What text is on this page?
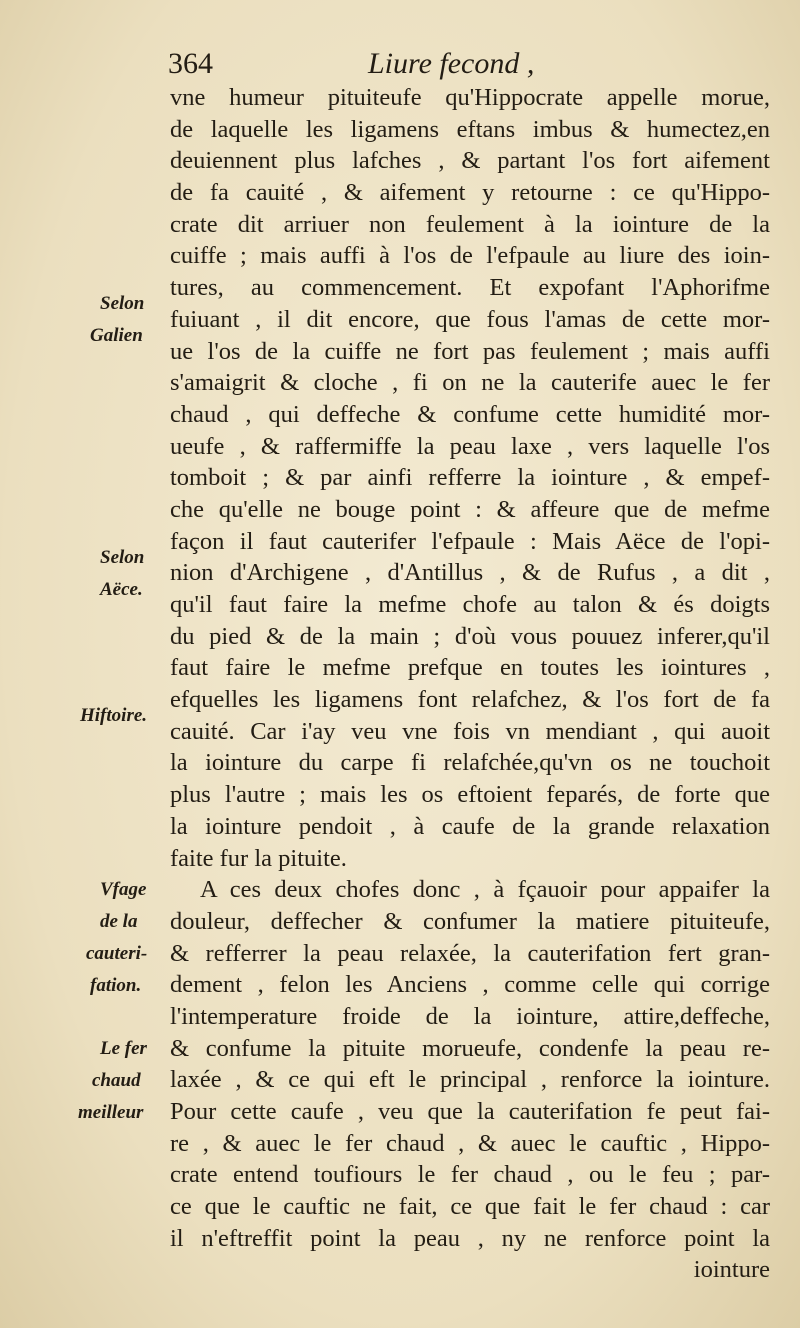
364	Liure fecond ,
Selon
Galien
Selon
Aëce.
Hiftoire.
Vfage
de la
cauteri-
fation.
Le fer
chaud
meilleur
vne humeur pituiteufe qu'Hippocrate appelle morue,
de laquelle les ligamens eftans imbus & humectez,en
deuiennent plus lafches , & partant l'os fort aifement
de fa cauité , & aifement y retourne : ce qu'Hippo-
crate dit arriuer non feulement à la iointure de la
cuiffe ; mais auffi à l'os de l'efpaule au liure des ioin-
tures, au commencement. Et expofant l'Aphorifme
fuiuant , il dit encore, que fous l'amas de cette mor-
ue l'os de la cuiffe ne fort pas feulement ; mais auffi
s'amaigrit & cloche , fi on ne la cauterife auec le fer
chaud , qui deffeche & confume cette humidité mor-
ueufe , & raffermiffe la peau laxe , vers laquelle l'os
tomboit ; & par ainfi refferre la iointure , & empef-
che qu'elle ne bouge point : & affeure que de mefme
façon il faut cauterifer l'efpaule : Mais Aëce de l'opi-
nion d'Archigene , d'Antillus , & de Rufus , a dit ,
qu'il faut faire la mefme chofe au talon & és doigts
du pied & de la main ; d'où vous pouuez inferer,qu'il
faut faire le mefme prefque en toutes les iointures ,
efquelles les ligamens font relafchez, & l'os fort de fa
cauité. Car i'ay veu vne fois vn mendiant , qui auoit
la iointure du carpe fi relafchée,qu'vn os ne touchoit
plus l'autre ; mais les os eftoient feparés, de forte que
la iointure pendoit , à caufe de la grande relaxation
faite fur la pituite.
A ces deux chofes donc , à fçauoir pour appaifer la
douleur, deffecher & confumer la matiere pituiteufe,
& refferrer la peau relaxée, la cauterifation fert gran-
dement , felon les Anciens , comme celle qui corrige
l'intemperature froide de la iointure, attire,deffeche,
& confume la pituite morueufe, condenfe la peau re-
laxée , & ce qui eft le principal , renforce la iointure.
Pour cette caufe , veu que la cauterifation fe peut fai-
re , & auec le fer chaud , & auec le cauftic , Hippo-
crate entend toufiours le fer chaud , ou le feu ; par-
ce que le cauftic ne fait, ce que fait le fer chaud : car
il n'eftreffit point la peau , ny ne renforce point la
iointure
